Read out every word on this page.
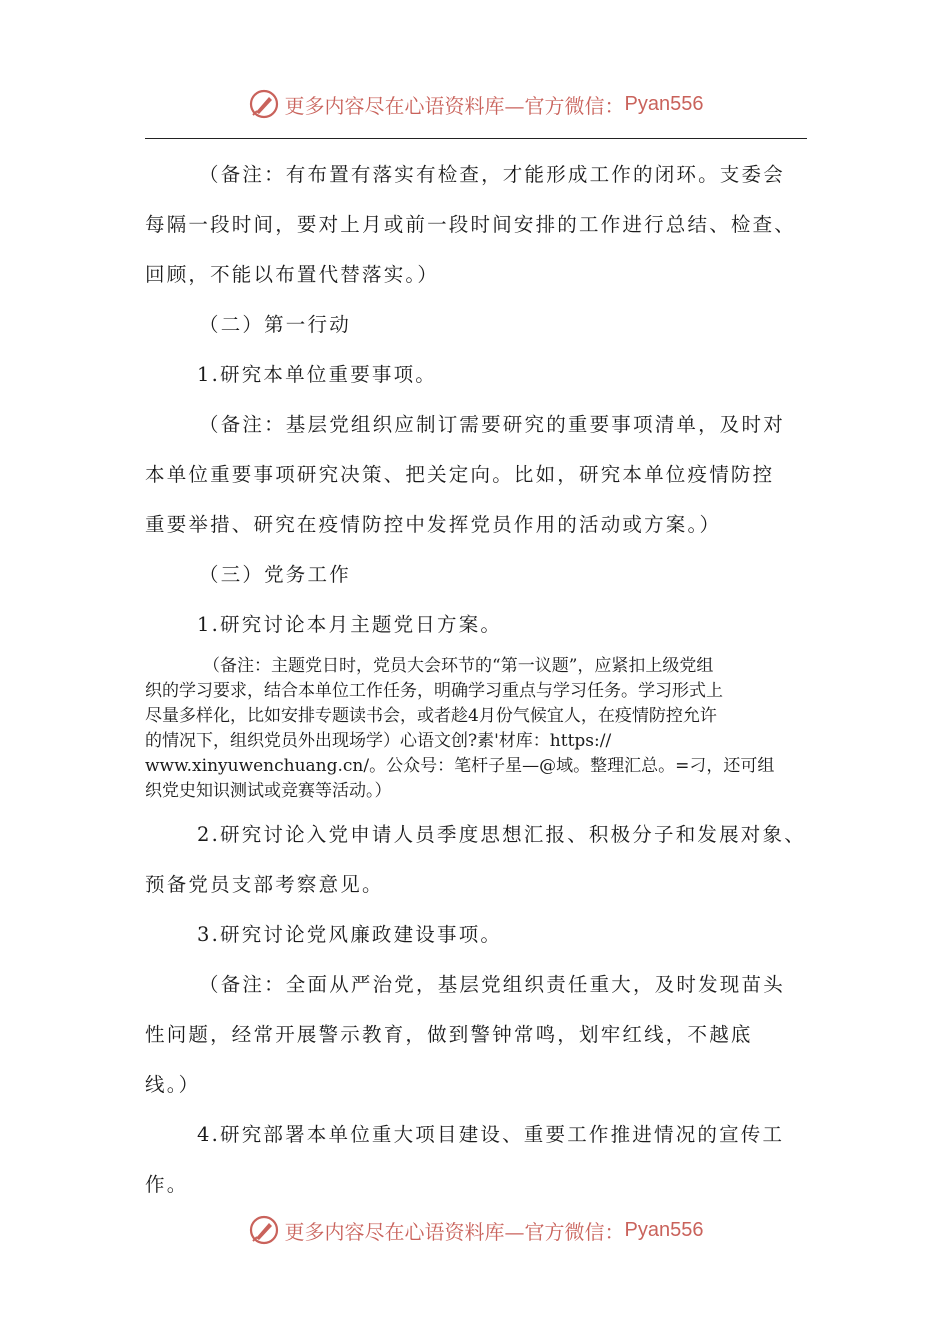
更多内容尽在心语资料库—官方微信： Pyan556

（备注：有布置有落实有检查，才能形成工作的闭环。支委会

每隔一段时间，要对上月或前一段时间安排的工作进行总结、检查、

回顾，不能以布置代替落实。）

（二）第一行动

1.研究本单位重要事项。

（备注：基层党组织应制订需要研究的重要事项清单，及时对

本单位重要事项研究决策、把关定向。比如，研究本单位疫情防控

重要举措、研究在疫情防控中发挥党员作用的活动或方案。）

（三）党务工作

1.研究讨论本月主题党日方案。

（备注：主题党日时，党员大会环节的“第一议题”，应紧扣上级党组
织的学习要求，结合本单位工作任务，明确学习重点与学习任务。学习形式上
尽量多样化，比如安排专题读书会，或者趁4月份气候宜人，在疫情防控允许
的情况下，组织党员外出现场学）心语文创?素'材库：https://
www.xinyuwenchuang.cn/。公众号：笔杆子星—@域。整理汇总。=刁，还可组
织党史知识测试或竞赛等活动。）

2.研究讨论入党申请人员季度思想汇报、积极分子和发展对象、

预备党员支部考察意见。

3.研究讨论党风廉政建设事项。

（备注：全面从严治党，基层党组织责任重大，及时发现苗头

性问题，经常开展警示教育，做到警钟常鸣，划牢红线，不越底

线。）

4.研究部署本单位重大项目建设、重要工作推进情况的宣传工

作。

更多内容尽在心语资料库—官方微信： Pyan556
